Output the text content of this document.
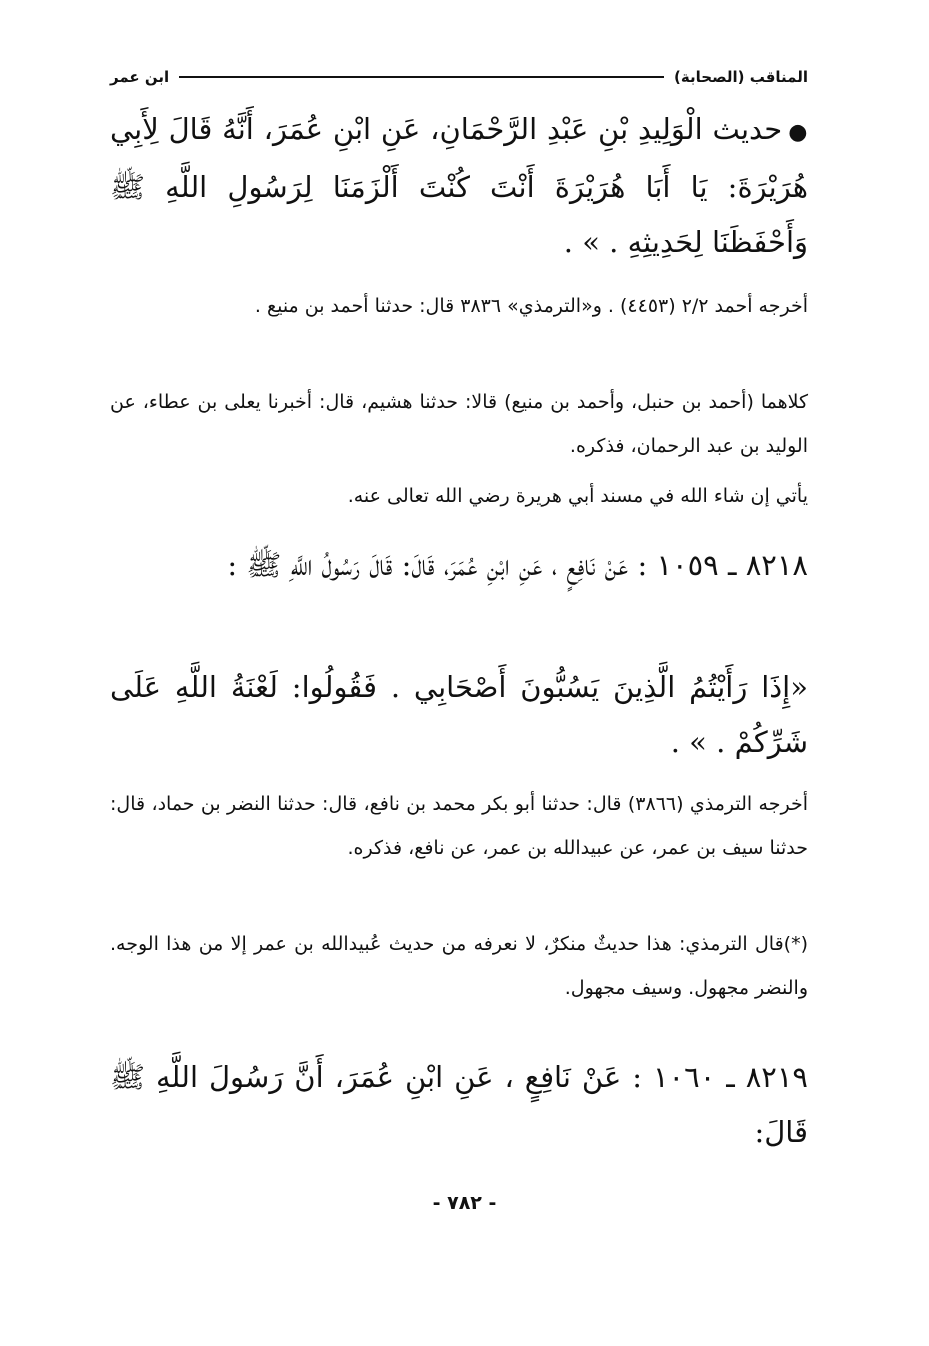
المناقب (الصحابة)
ابن عمر
●حديث الْوَلِيدِ بْنِ عَبْدِ الرَّحْمَانِ، عَنِ ابْنِ عُمَرَ، أَنَّهُ قَالَ لِأَبِي هُرَيْرَةَ: يَا أَبَا هُرَيْرَةَ أَنْتَ كُنْتَ أَلْزَمَنَا لِرَسُولِ اللَّهِ ﷺ وَأَحْفَظَنَا لِحَدِيثِهِ . » .
أخرجه أحمد ٢/٢ (٤٤٥٣) . و«الترمذي» ٣٨٣٦ قال: حدثنا أحمد بن منيع .
كلاهما (أحمد بن حنبل، وأحمد بن منيع) قالا: حدثنا هشيم، قال: أخبرنا يعلى بن عطاء، عن الوليد بن عبد الرحمان، فذكره.
يأتي إن شاء الله في مسند أبي هريرة رضي الله تعالى عنه.
٨٢١٨ ـ ١٠٥٩ : عَنْ نَافِعٍ ، عَنِ ابْنِ عُمَرَ، قَالَ: قَالَ رَسُولُ اللَّهِ ﷺ :
«إِذَا رَأَيْتُمُ الَّذِينَ يَسُبُّونَ أَصْحَابِي . فَقُولُوا: لَعْنَةُ اللَّهِ عَلَى شَرِّكُمْ . » .
أخرجه الترمذي (٣٨٦٦) قال: حدثنا أبو بكر محمد بن نافع، قال: حدثنا النضر بن حماد، قال: حدثنا سيف بن عمر، عن عبيدالله بن عمر، عن نافع، فذكره.
(*)قال الترمذي: هذا حديثٌ منكرٌ، لا نعرفه من حديث عُبيدالله بن عمر إلا من هذا الوجه. والنضر مجهول. وسيف مجهول.
٨٢١٩ ـ ١٠٦٠ : عَنْ نَافِعٍ ، عَنِ ابْنِ عُمَرَ، أَنَّ رَسُولَ اللَّهِ ﷺ قَالَ:
- ٧٨٢ -
